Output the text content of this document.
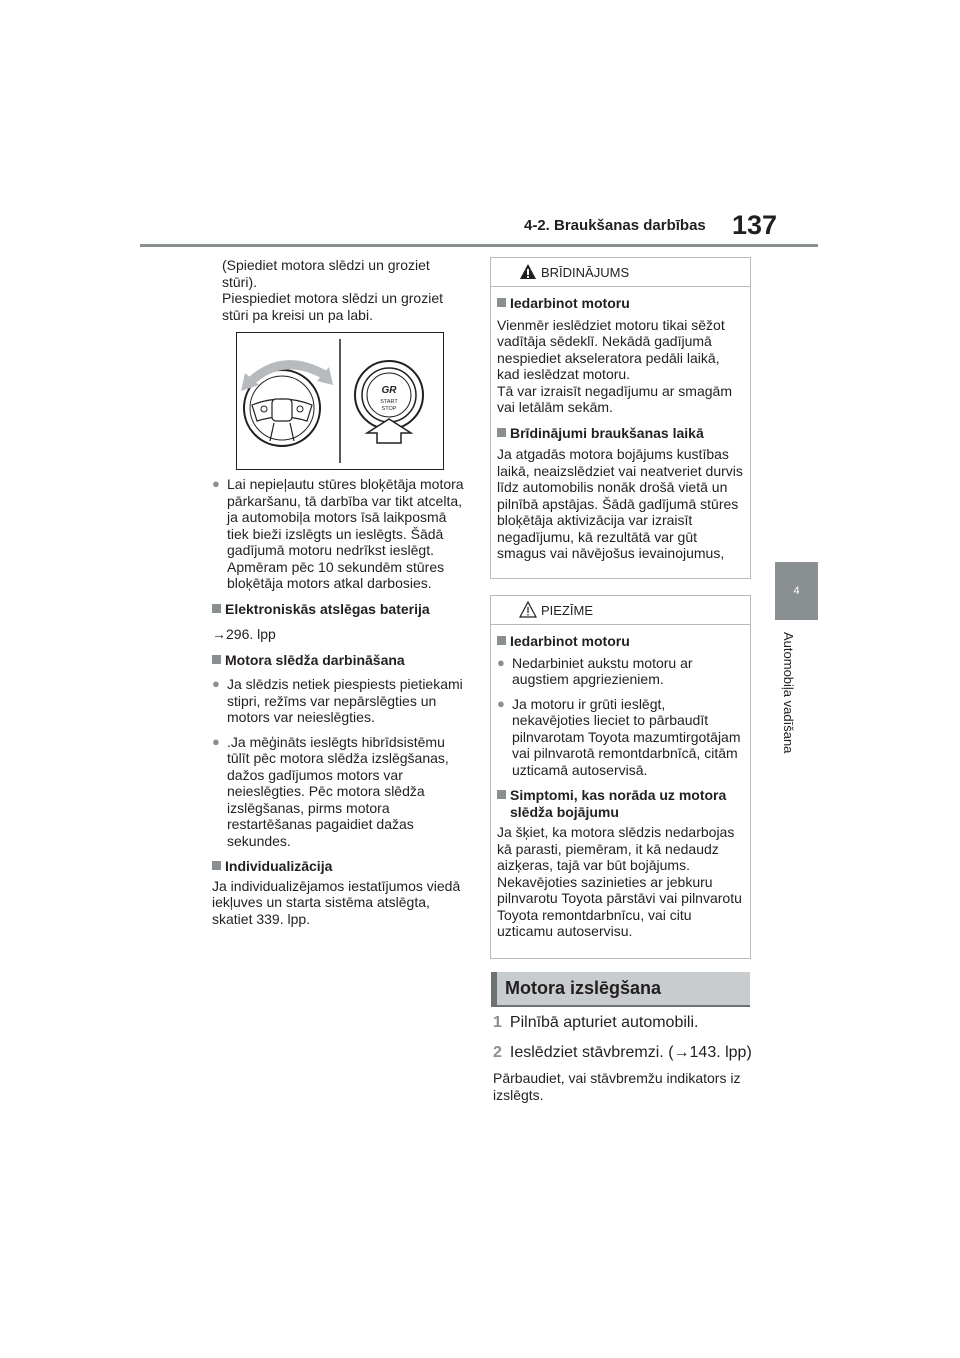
4-2. Braukšanas darbības 137
4
Automobiļa vadīšana
(Spiediet motora slēdzi un groziet
stūri).
Piespiediet motora slēdzi un groziet
stūri pa kreisi un pa labi.
GR
START
STOP
● Lai nepieļautu stūres bloķētāja motora pārkaršanu, tā darbība var tikt atcelta, ja automobiļa motors īsā laikposmā tiek bieži izslēgts un ieslēgts. Šādā gadījumā motoru nedrīkst ieslēgt. Apmēram pēc 10 sekundēm stūres bloķētāja motors atkal darbosies.
Elektroniskās atslēgas baterija
→296. lpp
Motora slēdža darbināšana
● Ja slēdzis netiek piespiests pietiekami stipri, režīms var nepārslēgties un motors var neieslēgties.
● .Ja mēģināts ieslēgts hibrīdsistēmu tūlīt pēc motora slēdža izslēgšanas, dažos gadījumos motors var neieslēgties. Pēc motora slēdža izslēgšanas, pirms motora restartēšanas pagaidiet dažas sekundes.
Individualizācija
Ja individualizējamos iestatījumos viedā iekļuves un starta sistēma atslēgta, skatiet 339. lpp.
BRĪDINĀJUMS
Iedarbinot motoru
Vienmēr ieslēdziet motoru tikai sēžot vadītāja sēdeklī. Nekādā gadījumā nespiediet akseleratora pedāli laikā, kad ieslēdzat motoru.
Tā var izraisīt negadījumu ar smagām vai letālām sekām.
Brīdinājumi braukšanas laikā
Ja atgadās motora bojājums kustības laikā, neaizslēdziet vai neatveriet durvis līdz automobilis nonāk drošā vietā un pilnībā apstājas. Šādā gadījumā stūres bloķētāja aktivizācija var izraisīt negadījumu, kā rezultātā var gūt smagus vai nāvējošus ievainojumus,
PIEZĪME
Iedarbinot motoru
● Nedarbiniet aukstu motoru ar augstiem apgriezieniem.
● Ja motoru ir grūti ieslēgt, nekavējoties lieciet to pārbaudīt pilnvarotam Toyota mazumtirgotājam vai pilnvarotā remontdarbnīcā, citām uzticamā autoservisā.
Simptomi, kas norāda uz motora slēdža bojājumu
Ja šķiet, ka motora slēdzis nedarbojas kā parasti, piemēram, it kā nedaudz aizķeras, tajā var būt bojājums. Nekavējoties sazinieties ar jebkuru pilnvarotu Toyota pārstāvi vai pilnvarotu Toyota remontdarbnīcu, vai citu uzticamu autoservisu.
Motora izslēgšana
1 Pilnībā apturiet automobili.
2 Ieslēdziet stāvbremzi. (→143. lpp)
Pārbaudiet, vai stāvbremžu indikators iz izslēgts.
